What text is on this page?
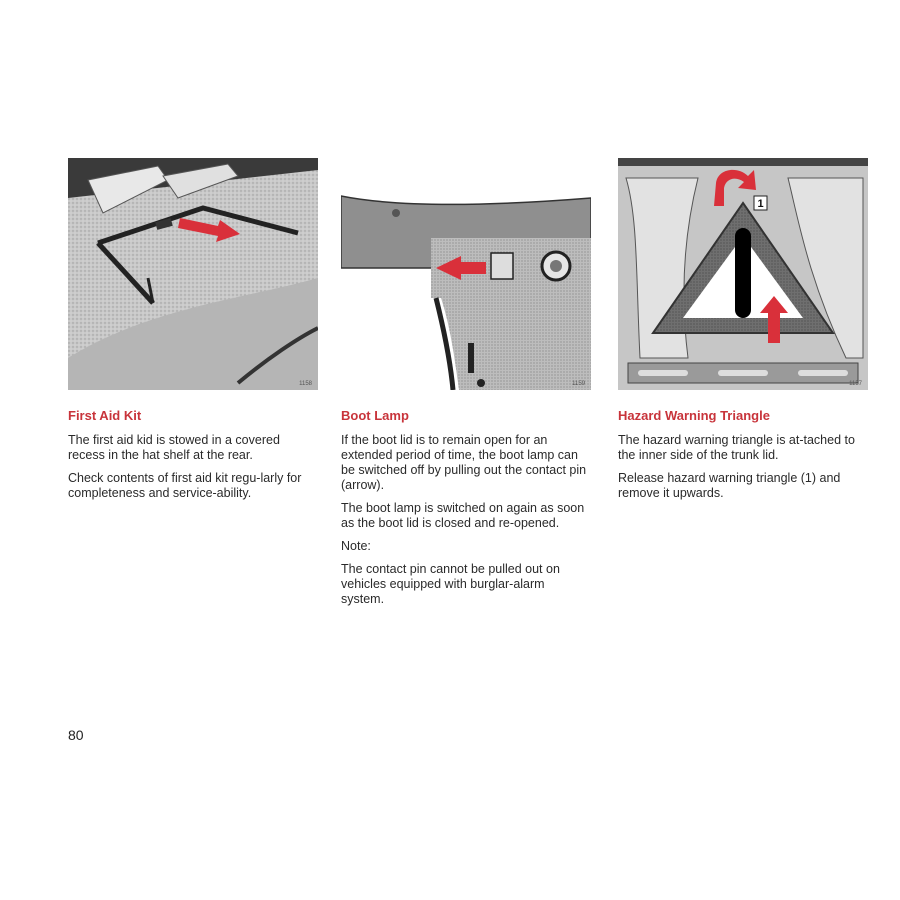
1158
First Aid Kit

The first aid kid is stowed in a covered recess in the hat shelf at the rear.

Check contents of first aid kit regu-larly for completeness and service-ability.

1159
Boot Lamp

If the boot lid is to remain open for an extended period of time, the boot lamp can be switched off by pulling out the contact pin (arrow).

The boot lamp is switched on again as soon as the boot lid is closed and re-opened.

Note:

The contact pin cannot be pulled out on vehicles equipped with burglar-alarm system.

1
1157
Hazard Warning Triangle

The hazard warning triangle is at-tached to the inner side of the trunk lid.

Release hazard warning triangle (1) and remove it upwards.

80
